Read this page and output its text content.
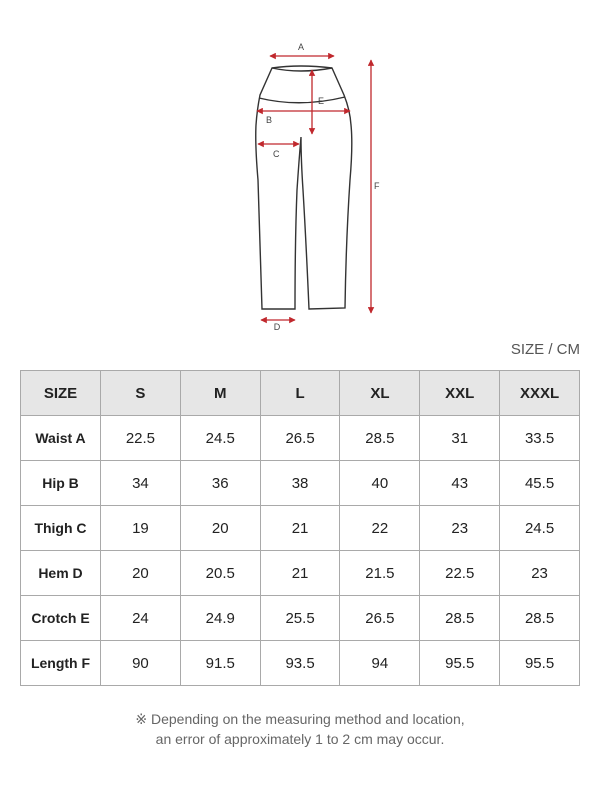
A
E
B
C
D
F
SIZE / CM
SIZE	S	M	L	XL	XXL	XXXL
Waist A	22.5	24.5	26.5	28.5	31	33.5
Hip B	34	36	38	40	43	45.5
Thigh C	19	20	21	22	23	24.5
Hem D	20	20.5	21	21.5	22.5	23
Crotch E	24	24.9	25.5	26.5	28.5	28.5
Length F	90	91.5	93.5	94	95.5	95.5
※ Depending on the measuring method and location,
an error of approximately 1 to 2 cm may occur.
